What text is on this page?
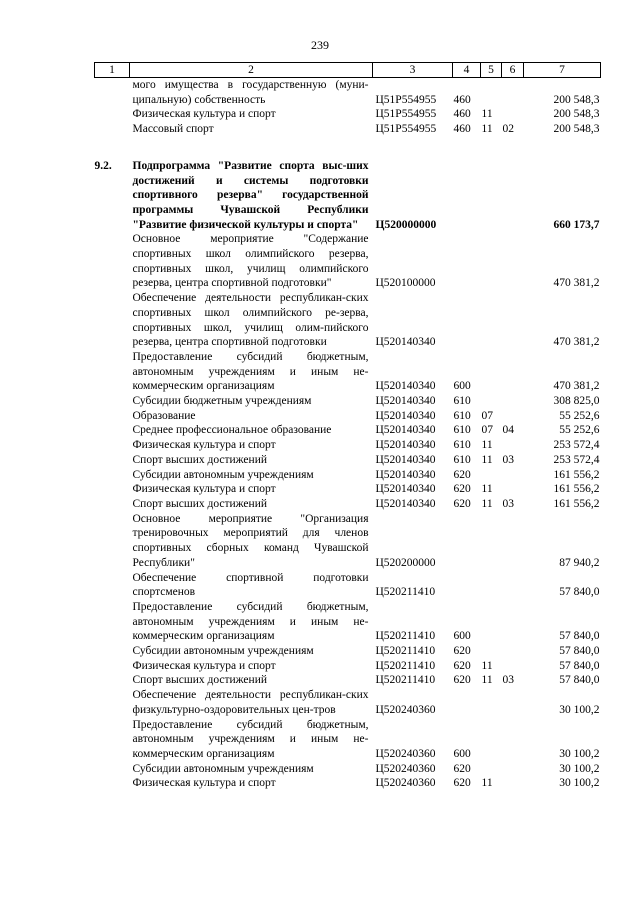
239
1	2	3	4	5	6	7
	мого имущества в государственную (муни-ципальную) собственность	Ц51P554955	460			200 548,3
	Физическая культура и спорт	Ц51P554955	460	11		200 548,3
	Массовый спорт	Ц51P554955	460	11	02	200 548,3

9.2.	Подпрограмма "Развитие спорта выс-ших достижений и системы подготовки спортивного резерва" государственной программы Чувашской Республики "Развитие физической культуры и спорта"	Ц520000000				660 173,7
	Основное мероприятие "Содержание спортивных школ олимпийского резерва, спортивных школ, училищ олимпийского резерва, центра спортивной подготовки"	Ц520100000				470 381,2
	Обеспечение деятельности республикан-ских спортивных школ олимпийского ре-зерва, спортивных школ, училищ олим-пийского резерва, центра спортивной подготовки	Ц520140340				470 381,2
	Предоставление субсидий бюджетным, автономным учреждениям и иным не-коммерческим организациям	Ц520140340	600			470 381,2
	Субсидии бюджетным учреждениям	Ц520140340	610			308 825,0
	Образование	Ц520140340	610	07		55 252,6
	Среднее профессиональное образование	Ц520140340	610	07	04	55 252,6
	Физическая культура и спорт	Ц520140340	610	11		253 572,4
	Спорт высших достижений	Ц520140340	610	11	03	253 572,4
	Субсидии автономным учреждениям	Ц520140340	620			161 556,2
	Физическая культура и спорт	Ц520140340	620	11		161 556,2
	Спорт высших достижений	Ц520140340	620	11	03	161 556,2
	Основное мероприятие "Организация тренировочных мероприятий для членов спортивных сборных команд Чувашской Республики"	Ц520200000				87 940,2
	Обеспечение спортивной подготовки спортсменов	Ц520211410				57 840,0
	Предоставление субсидий бюджетным, автономным учреждениям и иным не-коммерческим организациям	Ц520211410	600			57 840,0
	Субсидии автономным учреждениям	Ц520211410	620			57 840,0
	Физическая культура и спорт	Ц520211410	620	11		57 840,0
	Спорт высших достижений	Ц520211410	620	11	03	57 840,0
	Обеспечение деятельности республикан-ских физкультурно-оздоровительных цен-тров	Ц520240360				30 100,2
	Предоставление субсидий бюджетным, автономным учреждениям и иным не-коммерческим организациям	Ц520240360	600			30 100,2
	Субсидии автономным учреждениям	Ц520240360	620			30 100,2
	Физическая культура и спорт	Ц520240360	620	11		30 100,2
